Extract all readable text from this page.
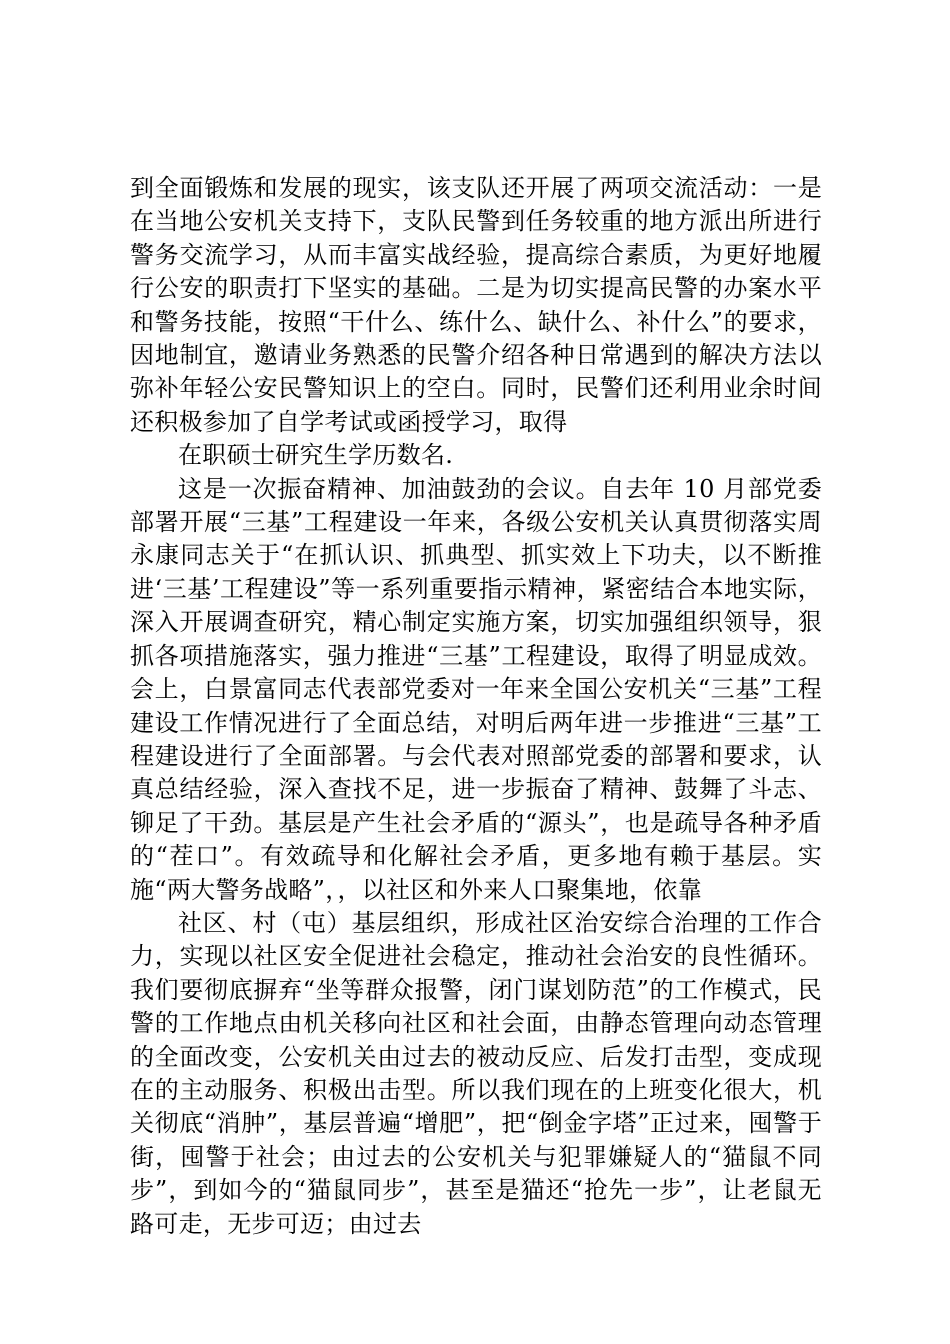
到全面锻炼和发展的现实，该支队还开展了两项交流活动：一是在当地公安机关支持下，支队民警到任务较重的地方派出所进行警务交流学习，从而丰富实战经验，提高综合素质，为更好地履行公安的职责打下坚实的基础。二是为切实提高民警的办案水平和警务技能，按照“干什么、练什么、缺什么、补什么”的要求，因地制宜，邀请业务熟悉的民警介绍各种日常遇到的解决方法以弥补年轻公安民警知识上的空白。同时，民警们还利用业余时间还积极参加了自学考试或函授学习，取得

在职硕士研究生学历数名.

这是一次振奋精神、加油鼓劲的会议。自去年 10 月部党委部署开展“三基”工程建设一年来，各级公安机关认真贯彻落实周永康同志关于“在抓认识、抓典型、抓实效上下功夫，以不断推进‘三基’工程建设”等一系列重要指示精神，紧密结合本地实际，深入开展调查研究，精心制定实施方案，切实加强组织领导，狠抓各项措施落实，强力推进“三基”工程建设，取得了明显成效。会上，白景富同志代表部党委对一年来全国公安机关“三基”工程建设工作情况进行了全面总结，对明后两年进一步推进“三基”工程建设进行了全面部署。与会代表对照部党委的部署和要求，认真总结经验，深入查找不足，进一步振奋了精神、鼓舞了斗志、铆足了干劲。基层是产生社会矛盾的“源头”，也是疏导各种矛盾的“茬口”。有效疏导和化解社会矛盾，更多地有赖于基层。实施“两大警务战略”，，以社区和外来人口聚集地，依靠

社区、村（屯）基层组织，形成社区治安综合治理的工作合力，实现以社区安全促进社会稳定，推动社会治安的良性循环。我们要彻底摒弃“坐等群众报警，闭门谋划防范”的工作模式，民警的工作地点由机关移向社区和社会面，由静态管理向动态管理的全面改变，公安机关由过去的被动反应、后发打击型，变成现在的主动服务、积极出击型。所以我们现在的上班变化很大，机关彻底“消肿”，基层普遍“增肥”，把“倒金字塔”正过来，囤警于街，囤警于社会；由过去的公安机关与犯罪嫌疑人的“猫鼠不同步”，到如今的“猫鼠同步”，甚至是猫还“抢先一步”，让老鼠无路可走，无步可迈；由过去
